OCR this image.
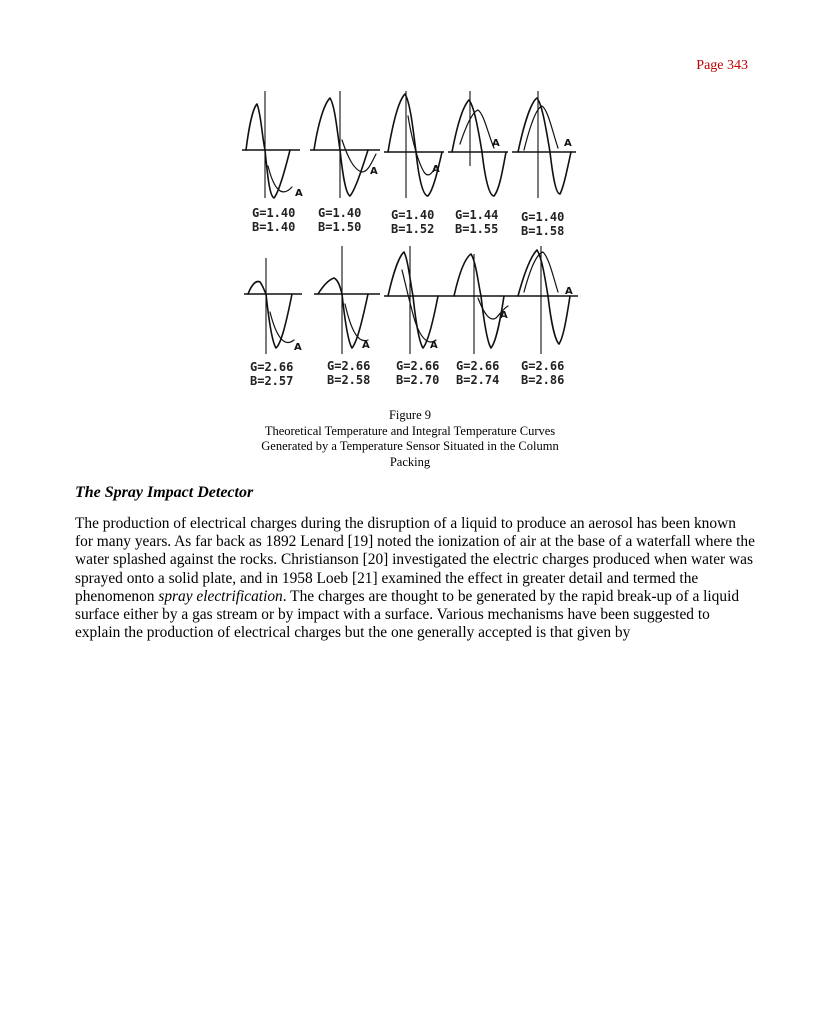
Page 343
A
A	A
A	A
G=1.40
B=1.40
G=1.40
B=1.50
G=1.40
B=1.52
G=1.44
B=1.55
G=1.40
B=1.58
A	A	A
A
A
G=2.66
B=2.57
G=2.66
B=2.58
G=2.66
B=2.70
G=2.66
B=2.74
G=2.66
B=2.86
Figure 9
Theoretical Temperature and Integral Temperature Curves
Generated by a Temperature Sensor Situated in the Column
Packing
The Spray Impact Detector

The production of electrical charges during the disruption of a liquid to produce an aerosol has been known for many years. As far back as 1892 Lenard [19] noted the ionization of air at the base of a waterfall where the water splashed against the rocks. Christianson [20] investigated the electric charges produced when water was sprayed onto a solid plate, and in 1958 Loeb [21] examined the effect in greater detail and termed the phenomenon spray electrification. The charges are thought to be generated by the rapid break-up of a liquid surface either by a gas stream or by impact with a surface. Various mechanisms have been suggested to explain the production of electrical charges but the one generally accepted is that given by
